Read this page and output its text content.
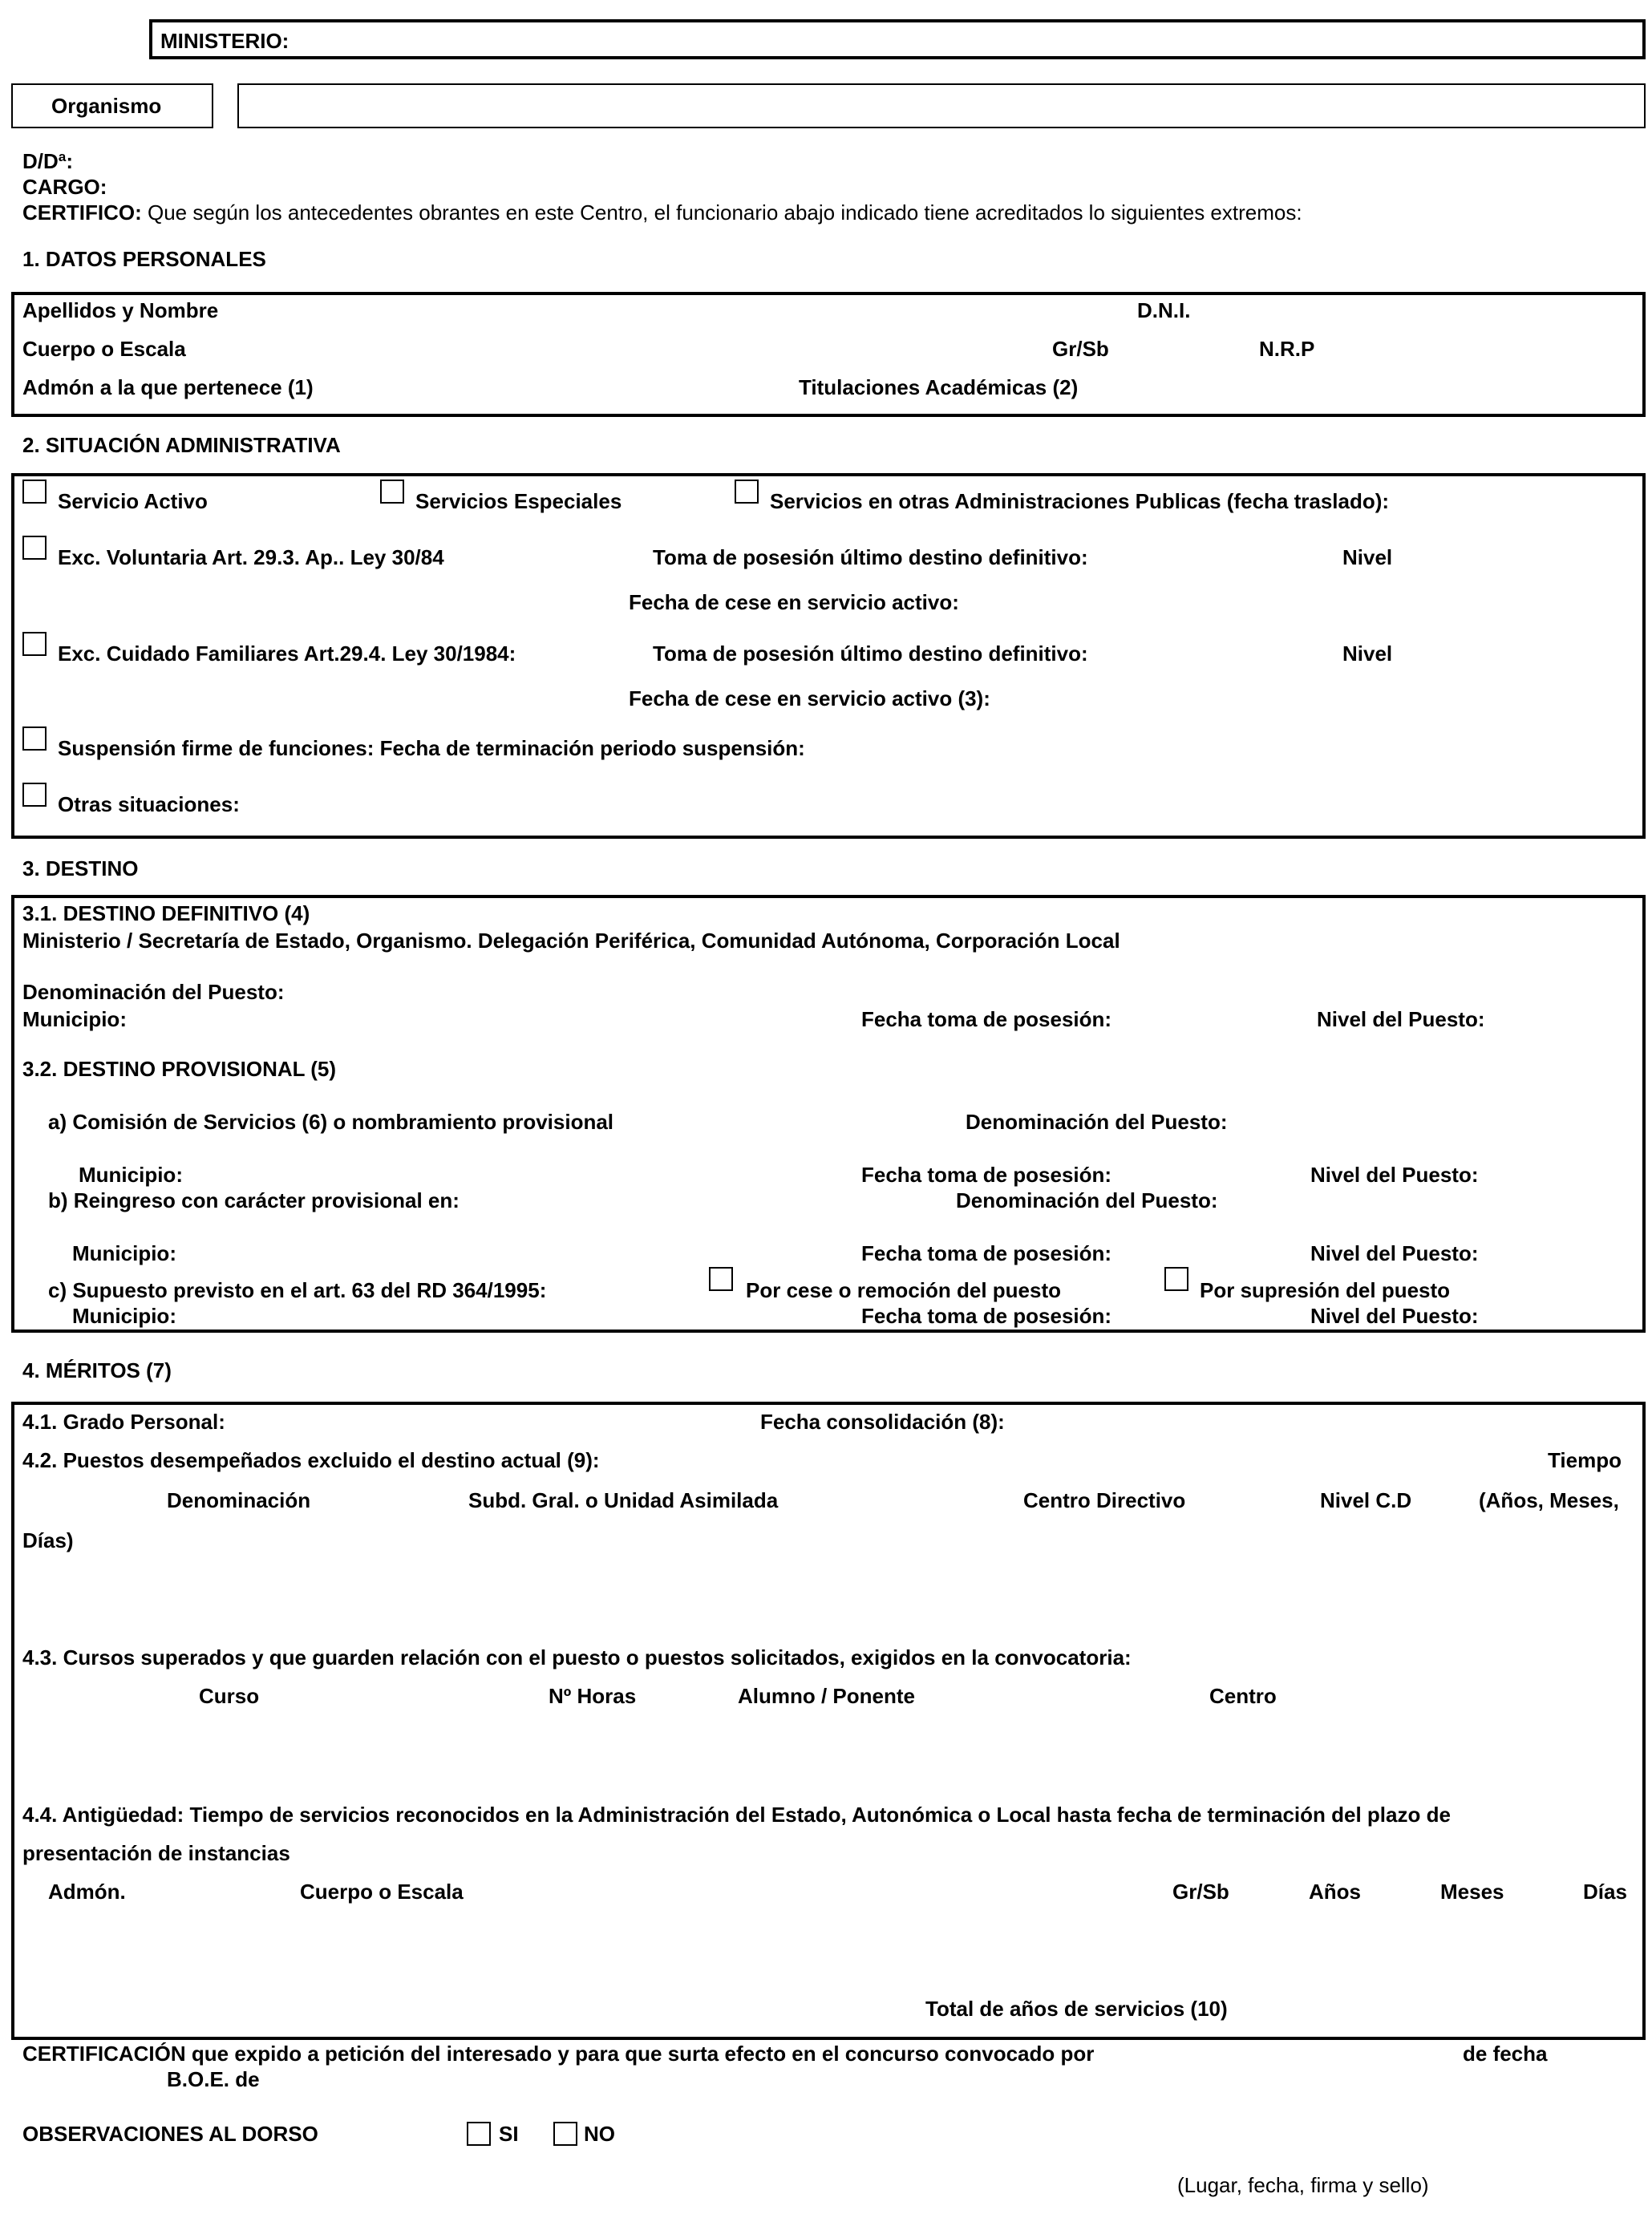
MINISTERIO:
Organismo
D/Dª:
CARGO:
CERTIFICO: Que según los antecedentes obrantes en este Centro, el funcionario abajo indicado tiene acreditados lo siguientes extremos:
1. DATOS PERSONALES
Apellidos y Nombre	D.N.I.
Cuerpo o Escala	Gr/Sb	N.R.P
Admón a la que pertenece (1)	Titulaciones Académicas (2)
2. SITUACIÓN ADMINISTRATIVA
Servicio Activo	Servicios Especiales	Servicios en otras Administraciones Publicas (fecha traslado):
Exc. Voluntaria Art. 29.3. Ap.. Ley 30/84	Toma de posesión último destino definitivo:	Nivel
Fecha de cese en servicio activo:
Exc. Cuidado Familiares Art.29.4. Ley 30/1984:	Toma de posesión último destino definitivo:	Nivel
Fecha de cese en servicio activo (3):
Suspensión firme de funciones: Fecha de terminación periodo suspensión:
Otras situaciones:
3. DESTINO
3.1. DESTINO DEFINITIVO (4)
Ministerio / Secretaría de Estado, Organismo. Delegación Periférica, Comunidad Autónoma, Corporación Local
Denominación del Puesto:
Municipio:	Fecha toma de posesión:	Nivel del Puesto:
3.2. DESTINO PROVISIONAL (5)
a) Comisión de Servicios (6) o nombramiento provisional	Denominación del Puesto:
Municipio:	Fecha toma de posesión:	Nivel del Puesto:
b) Reingreso con carácter provisional en:	Denominación del Puesto:
Municipio:	Fecha toma de posesión:	Nivel del Puesto:
c) Supuesto previsto en el art. 63 del RD 364/1995:	Por cese o remoción del puesto	Por supresión del puesto
Municipio:	Fecha toma de posesión:	Nivel del Puesto:
4. MÉRITOS (7)
4.1. Grado Personal:	Fecha consolidación (8):
4.2. Puestos desempeñados excluido el destino actual (9):	Tiempo
Denominación	Subd. Gral. o Unidad Asimilada	Centro Directivo	Nivel C.D	(Años, Meses,
Días)
4.3. Cursos superados y que guarden relación con el puesto o puestos solicitados, exigidos en la convocatoria:
Curso	Nº Horas	Alumno / Ponente	Centro
4.4. Antigüedad: Tiempo de servicios reconocidos en la Administración del Estado, Autonómica o Local hasta fecha de terminación del plazo de
presentación de instancias
Admón.	Cuerpo o Escala	Gr/Sb	Años	Meses	Días
Total de años de servicios (10)
CERTIFICACIÓN que expido a petición del interesado y para que surta efecto en el concurso convocado por	de fecha
B.O.E. de
OBSERVACIONES AL DORSO	SI	NO
(Lugar, fecha, firma y sello)
